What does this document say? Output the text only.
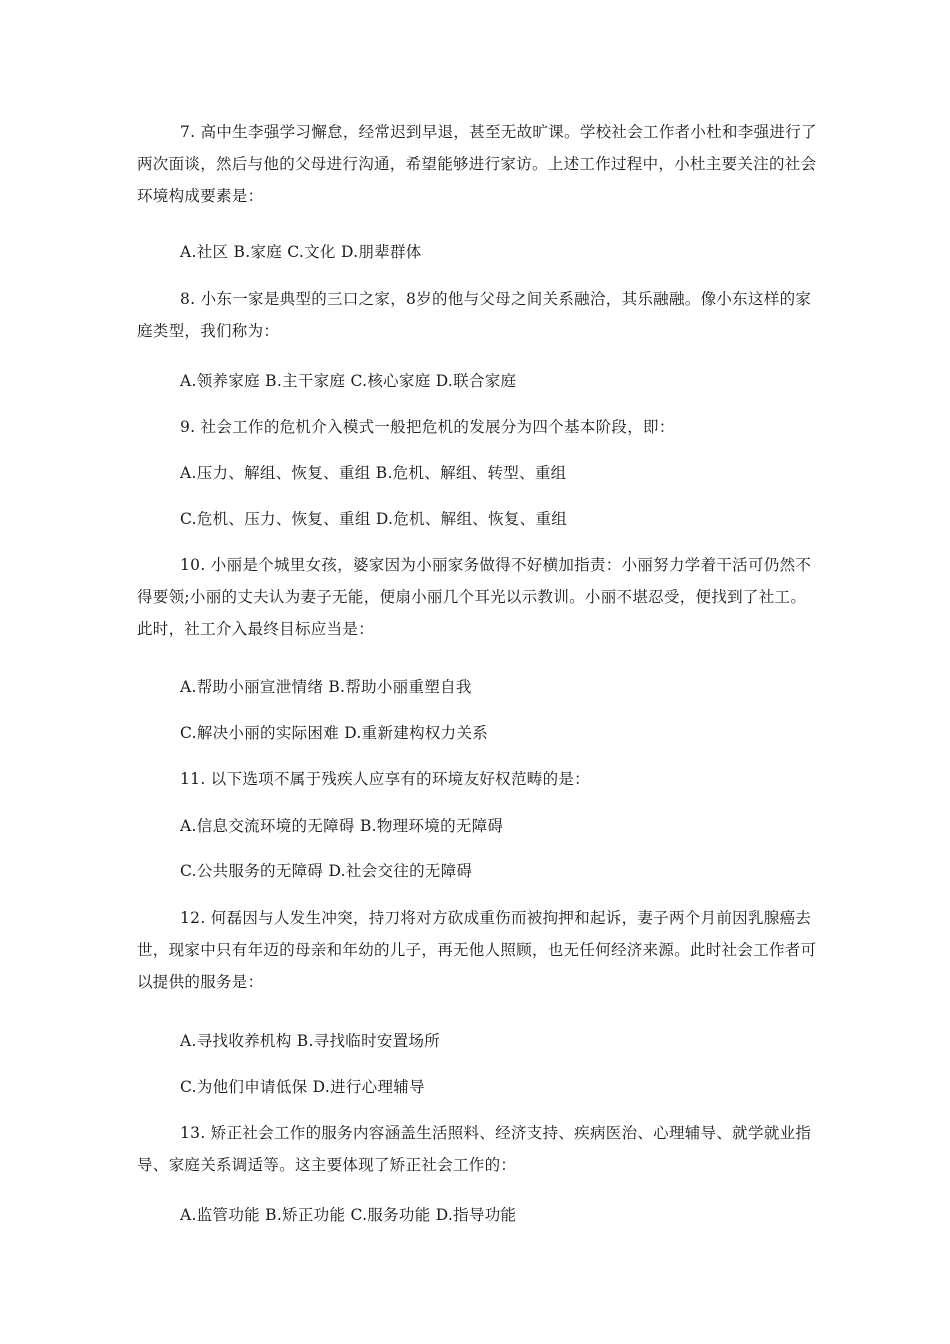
7. 高中生李强学习懈怠，经常迟到早退，甚至无故旷课。学校社会工作者小杜和李强进行了两次面谈，然后与他的父母进行沟通，希望能够进行家访。上述工作过程中，小杜主要关注的社会环境构成要素是：

A.社区 B.家庭 C.文化 D.朋辈群体

8. 小东一家是典型的三口之家，8岁的他与父母之间关系融洽，其乐融融。像小东这样的家庭类型，我们称为：

A.领养家庭 B.主干家庭 C.核心家庭 D.联合家庭

9. 社会工作的危机介入模式一般把危机的发展分为四个基本阶段，即：

A.压力、解组、恢复、重组 B.危机、解组、转型、重组

C.危机、压力、恢复、重组 D.危机、解组、恢复、重组

10. 小丽是个城里女孩，婆家因为小丽家务做得不好横加指责：小丽努力学着干活可仍然不得要领;小丽的丈夫认为妻子无能，便扇小丽几个耳光以示教训。小丽不堪忍受，便找到了社工。此时，社工介入最终目标应当是：

A.帮助小丽宣泄情绪 B.帮助小丽重塑自我

C.解决小丽的实际困难 D.重新建构权力关系

11. 以下选项不属于残疾人应享有的环境友好权范畴的是：

A.信息交流环境的无障碍 B.物理环境的无障碍

C.公共服务的无障碍 D.社会交往的无障碍

12. 何磊因与人发生冲突，持刀将对方砍成重伤而被拘押和起诉，妻子两个月前因乳腺癌去世，现家中只有年迈的母亲和年幼的儿子，再无他人照顾，也无任何经济来源。此时社会工作者可以提供的服务是：

A.寻找收养机构 B.寻找临时安置场所

C.为他们申请低保 D.进行心理辅导

13. 矫正社会工作的服务内容涵盖生活照料、经济支持、疾病医治、心理辅导、就学就业指导、家庭关系调适等。这主要体现了矫正社会工作的：

A.监管功能 B.矫正功能 C.服务功能 D.指导功能
